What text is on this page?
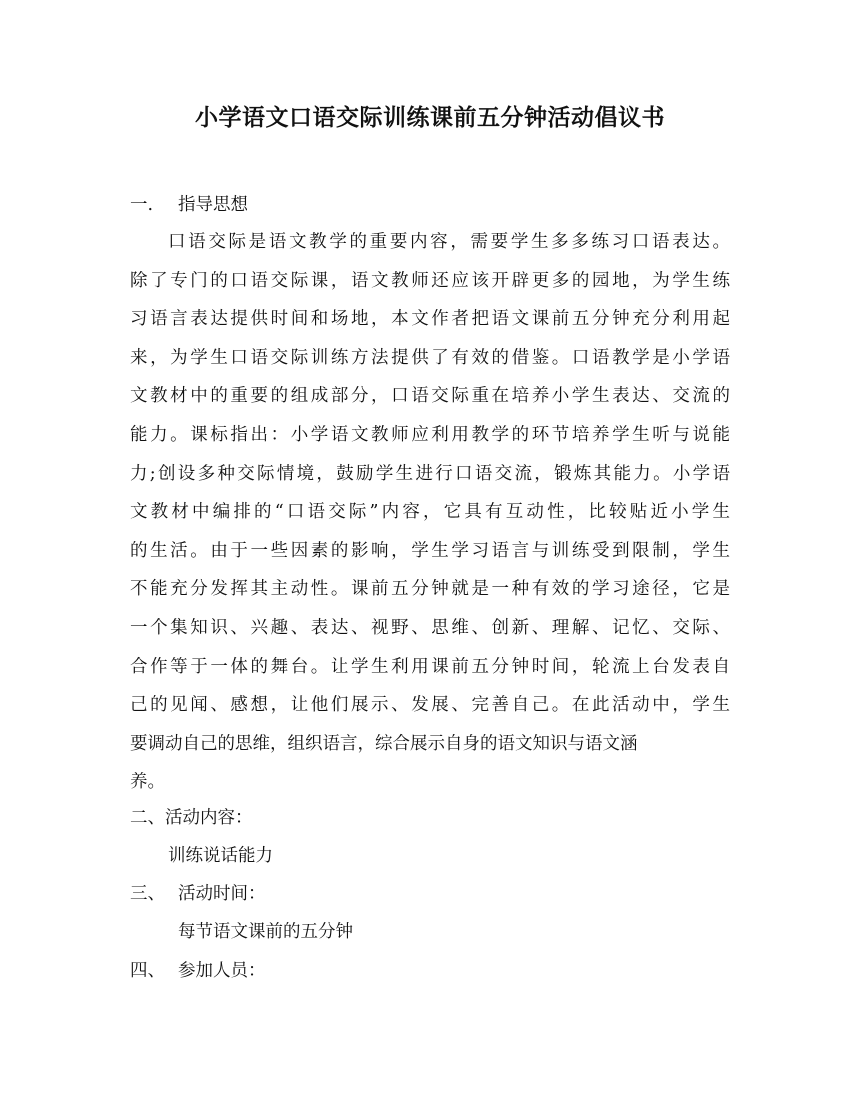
小学语文口语交际训练课前五分钟活动倡议书
一. 指导思想
口语交际是语文教学的重要内容，需要学生多多练习口语表达。
除了专门的口语交际课，语文教师还应该开辟更多的园地，为学生练
习语言表达提供时间和场地，本文作者把语文课前五分钟充分利用起
来，为学生口语交际训练方法提供了有效的借鉴。口语教学是小学语
文教材中的重要的组成部分，口语交际重在培养小学生表达、交流的
能力。课标指出：小学语文教师应利用教学的环节培养学生听与说能
力;创设多种交际情境，鼓励学生进行口语交流，锻炼其能力。小学语
文教材中编排的“口语交际”内容，它具有互动性，比较贴近小学生
的生活。由于一些因素的影响，学生学习语言与训练受到限制，学生
不能充分发挥其主动性。课前五分钟就是一种有效的学习途径，它是
一个集知识、兴趣、表达、视野、思维、创新、理解、记忆、交际、
合作等于一体的舞台。让学生利用课前五分钟时间，轮流上台发表自
己的见闻、感想，让他们展示、发展、完善自己。在此活动中，学生
要调动自己的思维，组织语言，综合展示自身的语文知识与语文涵
养。
二、活动内容：
训练说话能力
三、 活动时间：
每节语文课前的五分钟
四、 参加人员：
